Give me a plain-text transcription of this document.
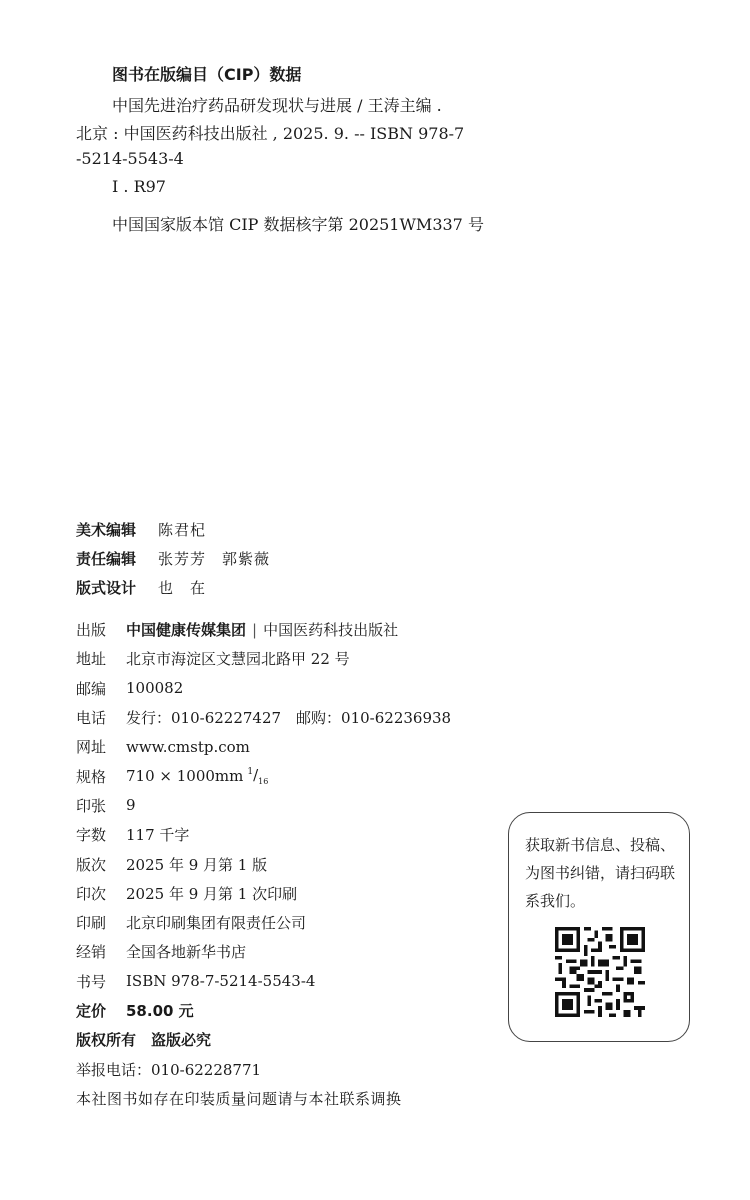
图书在版编目（CIP）数据
中国先进治疗药品研发现状与进展 / 王涛主编 .
北京 : 中国医药科技出版社 , 2025. 9. -- ISBN 978-7
-5214-5543-4
Ⅰ . R97
中国国家版本馆 CIP 数据核字第 20251WM337 号
美术编辑	陈君杞
责任编辑	张芳芳　郭紫薇
版式设计	也　在
出版	中国健康传媒集团 | 中国医药科技出版社
地址	北京市海淀区文慧园北路甲 22 号
邮编	100082
电话	发行：010-62227427　邮购：010-62236938
网址	www.cmstp.com
规格	710 × 1000mm $^1/_{16}$
印张	9
字数	117 千字
版次	2025 年 9 月第 1 版
印次	2025 年 9 月第 1 次印刷
印刷	北京印刷集团有限责任公司
经销	全国各地新华书店
书号	ISBN 978-7-5214-5543-4
定价	58.00 元
版权所有　盗版必究
举报电话：010-62228771
本社图书如存在印装质量问题请与本社联系调换
获取新书信息、投稿、为图书纠错，请扫码联系我们。
